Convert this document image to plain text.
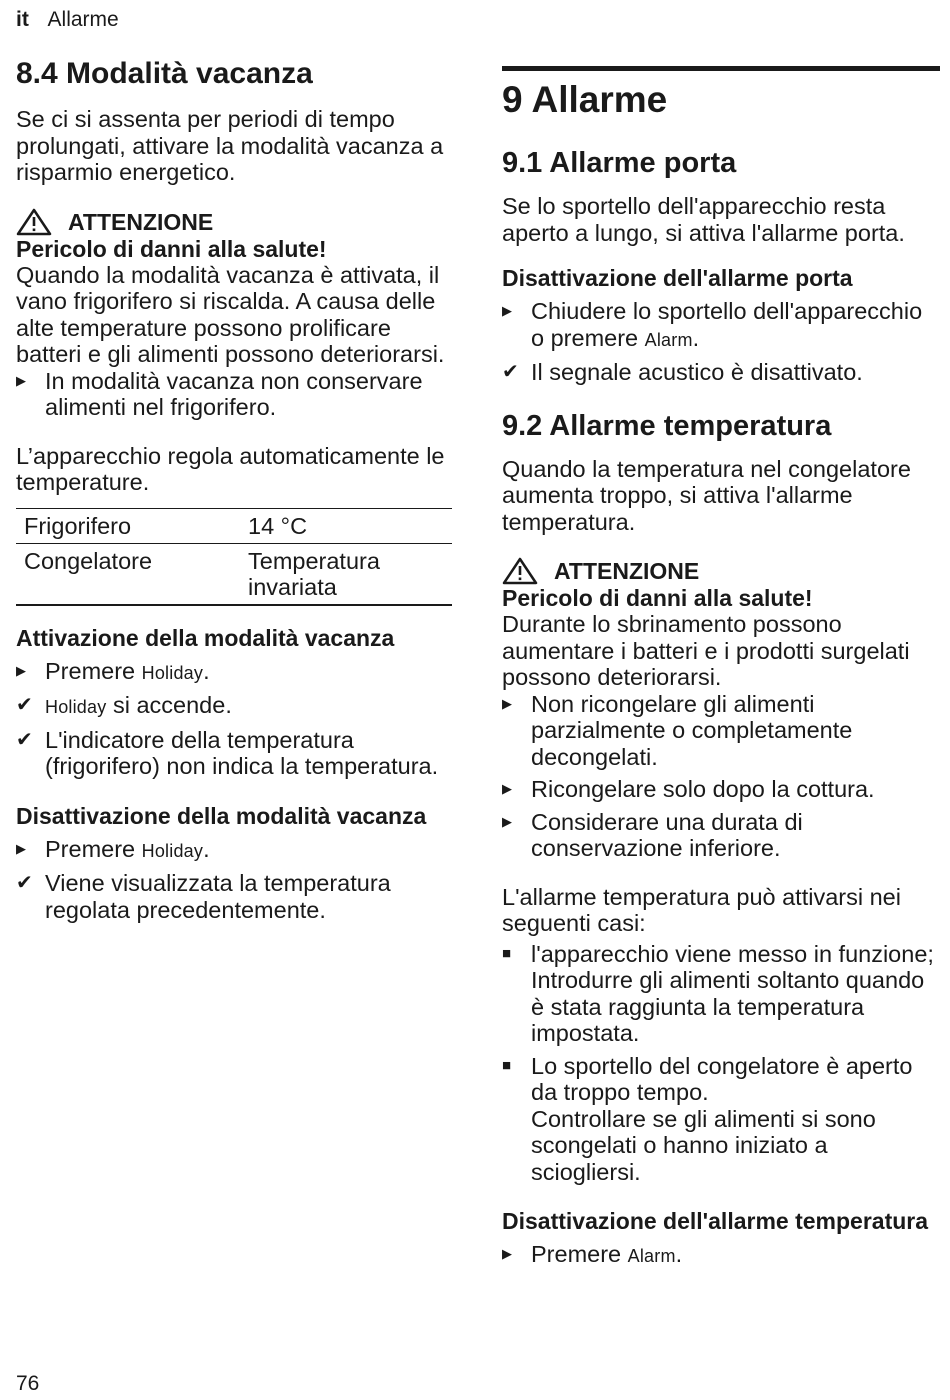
it Allarme
8.4 Modalità vacanza

Se ci si assenta per periodi di tempo prolungati, attivare la modalità vacanza a risparmio energetico.

ATTENZIONE
Pericolo di danni alla salute!

Quando la modalità vacanza è attivata, il vano frigorifero si riscalda. A causa delle alte temperature possono prolificare batteri e gli alimenti possono deteriorarsi.

▶ In modalità vacanza non conservare alimenti nel frigorifero.

L’apparecchio regola automaticamente le temperature.

Frigorifero	14 °C
Congelatore	Temperatura invariata
Attivazione della modalità vacanza
▶ Premere Holiday.
✔ Holiday si accende.
✔ L'indicatore della temperatura (frigorifero) non indica la temperatura.
Disattivazione della modalità vacanza
▶ Premere Holiday.
✔ Viene visualizzata la temperatura regolata precedentemente.
9 Allarme
9.1 Allarme porta

Se lo sportello dell'apparecchio resta aperto a lungo, si attiva l'allarme porta.

Disattivazione dell'allarme porta
▶ Chiudere lo sportello dell'apparecchio o premere Alarm.
✔ Il segnale acustico è disattivato.
9.2 Allarme temperatura

Quando la temperatura nel congelatore aumenta troppo, si attiva l'allarme temperatura.

ATTENZIONE
Pericolo di danni alla salute!

Durante lo sbrinamento possono aumentare i batteri e i prodotti surgelati possono deteriorarsi.

▶ Non ricongelare gli alimenti parzialmente o completamente decongelati.
▶ Ricongelare solo dopo la cottura.
▶ Considerare una durata di conservazione inferiore.

L'allarme temperatura può attivarsi nei seguenti casi:

■ l'apparecchio viene messo in funzione;
Introdurre gli alimenti soltanto quando è stata raggiunta la temperatura impostata.
■ Lo sportello del congelatore è aperto da troppo tempo.
Controllare se gli alimenti si sono scongelati o hanno iniziato a sciogliersi.
Disattivazione dell'allarme temperatura
▶ Premere Alarm.
76
